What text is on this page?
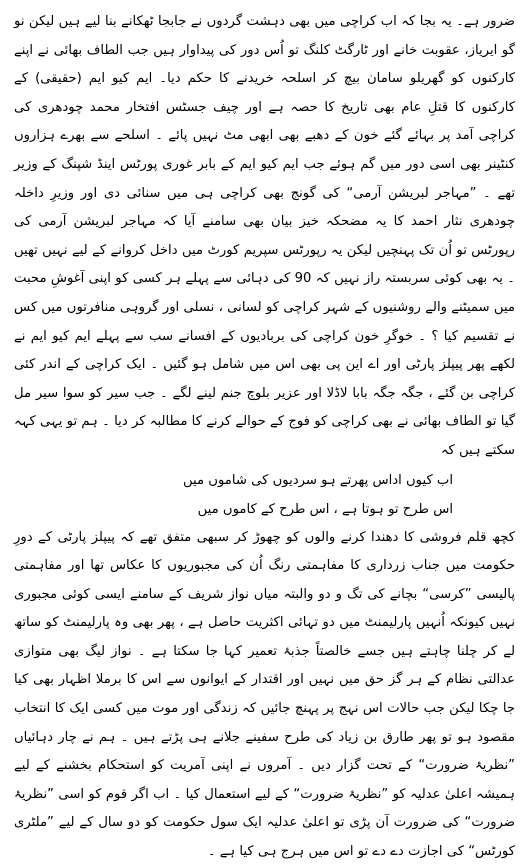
ضرور ہے۔ یہ بجا کہ اب کراچی میں بھی دہشت گردوں نے جابجا ٹھکانے بنا لیے ہیں لیکن نو گو ایریاز، عقوبت خانے اور ٹارگٹ کلنگ تو اُس دور کی پیداوار ہیں جب الطاف بھائی نے اپنے کارکنوں کو گھریلو سامان بیچ کر اسلحہ خریدنے کا حکم دیا۔ ایم کیو ایم (حقیقی) کے کارکنوں کا قتلِ عام بھی تاریخ کا حصہ ہے اور چیف جسٹس افتخار محمد چودھری کی کراچی آمد پر بہائے گئے خون کے دھبے بھی ابھی مٹ نہیں پائے ۔ اسلحے سے بھرے ہزاروں کنٹینر بھی اسی دور میں گم ہوئے جب ایم کیو ایم کے بابر غوری پورٹس اینڈ شپنگ کے وزیر تھے ۔ ”مہاجر لبریشن آرمی“ کی گونج بھی کراچی ہی میں سنائی دی اور وزیرِ داخلہ چودھری نثار احمد کا یہ مضحکہ خیز بیان بھی سامنے آیا کہ مہاجر لبریشن آرمی کی رپورٹس تو اُن تک پہنچیں لیکن یہ رپورٹس سپریم کورٹ میں داخل کروانے کے لیے نہیں تھیں ۔ یہ بھی کوئی سربستہ راز نہیں کہ 90 کی دہائی سے پہلے ہر کسی کو اپنی آغوشِ محبت میں سمیٹنے والے روشنیوں کے شہر کراچی کو لسانی ، نسلی اور گروہی منافرتوں میں کس نے تقسیم کیا ؟ ۔ خوگرِ خون کراچی کی بربادیوں کے افسانے سب سے پہلے ایم کیو ایم نے لکھے پھر پیپلز پارٹی اور اے این پی بھی اس میں شامل ہو گئیں ۔ ایک کراچی کے اندر کئی کراچی بن گئے ، جگہ جگہ بابا لاڈلا اور عزیر بلوچ جنم لینے لگے ۔ جب سیر کو سوا سیر مل گیا تو الطاف بھائی نے بھی کراچی کو فوج کے حوالے کرنے کا مطالبہ کر دیا ۔ ہم تو یہی کہہ سکتے ہیں کہ

اب کیوں اداس پھرتے ہو سردیوں کی شاموں میں

اس طرح تو ہوتا ہے ، اس طرح کے کاموں میں

کچھ قلم فروشی کا دھندا کرنے والوں کو چھوڑ کر سبھی متفق تھے کہ پیپلز پارٹی کے دورِ حکومت میں جناب زرداری کا مفاہمتی رنگ اُن کی مجبوریوں کا عکاس تھا اور مفاہمتی پالیسی ”کرسی“ بچانے کی تگ و دو والبتہ میاں نواز شریف کے سامنے ایسی کوئی مجبوری نہیں کیونکہ اُنہیں پارلیمنٹ میں دو تہائی اکثریت حاصل ہے ، پھر بھی وہ پارلیمنٹ کو ساتھ لے کر چلنا چاہتے ہیں جسے خالصتاً جذبۂ تعمیر کہا جا سکتا ہے ۔ نواز لیگ بھی متوازی عدالتی نظام کے ہر گز حق میں نہیں اور اقتدار کے ایوانوں سے اس کا برملا اظہار بھی کیا جا چکا لیکن جب حالات اس نہج پر پہنچ جائیں کہ زندگی اور موت میں کسی ایک کا انتخاب مقصود ہو تو پھر طارق بن زیاد کی طرح سفینے جلانے ہی پڑتے ہیں ۔ ہم نے چار دہائیاں ”نظریۂ ضرورت“ کے تحت گزار دیں ۔ آمروں نے اپنی آمریت کو استحکام بخشنے کے لیے ہمیشہ اعلیٰ عدلیہ کو ”نظریۂ ضرورت“ کے لیے استعمال کیا ۔ اب اگر قوم کو اسی ”نظریۂ ضرورت“ کی ضرورت آن پڑی تو اعلیٰ عدلیہ ایک سول حکومت کو دو سال کے لیے ”ملٹری کورٹس“ کی اجازت دے دے تو اس میں ہرج ہی کیا ہے ۔
